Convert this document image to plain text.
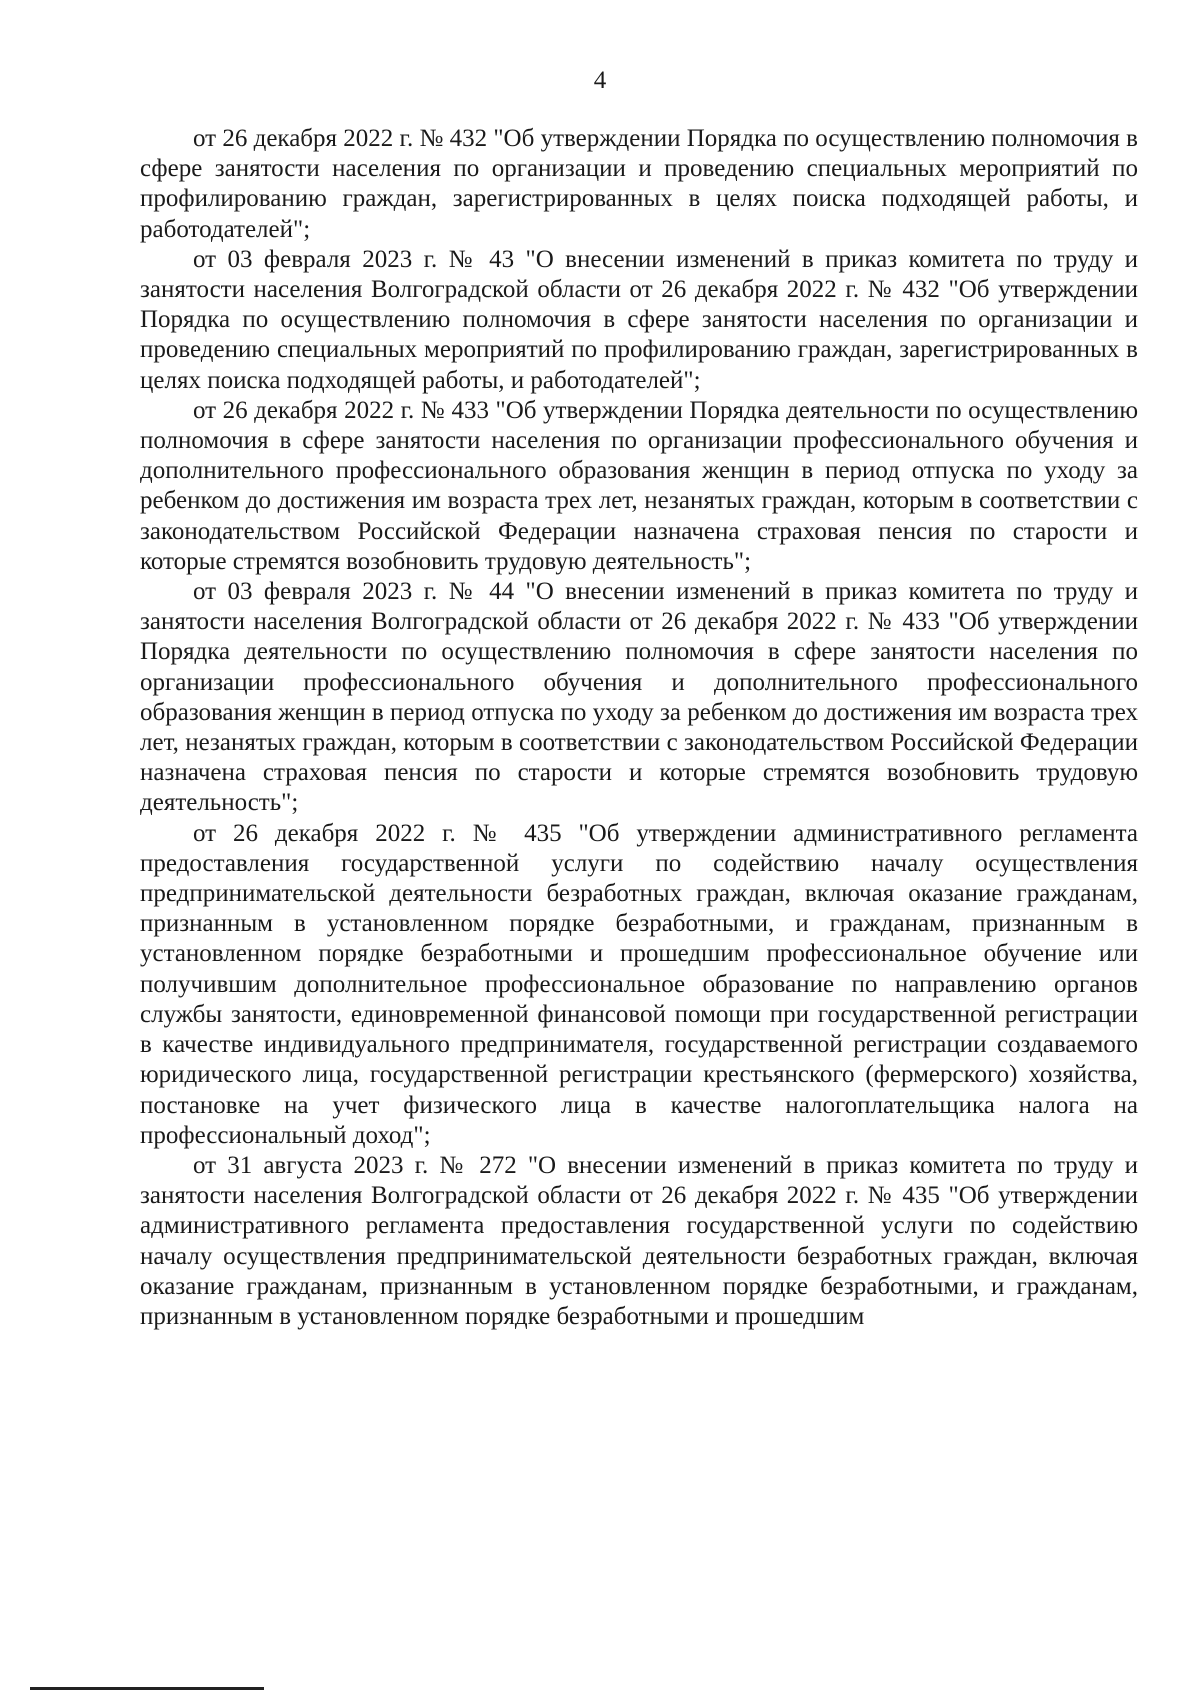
4

от 26 декабря 2022 г. № 432 "Об утверждении Порядка по осуществлению полномочия в сфере занятости населения по организации и проведению специальных мероприятий по профилированию граждан, зарегистрированных в целях поиска подходящей работы, и работодателей";

от 03 февраля 2023 г. № 43 "О внесении изменений в приказ комитета по труду и занятости населения Волгоградской области от 26 декабря 2022 г. № 432 "Об утверждении Порядка по осуществлению полномочия в сфере занятости населения по организации и проведению специальных мероприятий по профилированию граждан, зарегистрированных в целях поиска подходящей работы, и работодателей";

от 26 декабря 2022 г. № 433 "Об утверждении Порядка деятельности по осуществлению полномочия в сфере занятости населения по организации профессионального обучения и дополнительного профессионального образования женщин в период отпуска по уходу за ребенком до достижения им возраста трех лет, незанятых граждан, которым в соответствии с законодательством Российской Федерации назначена страховая пенсия по старости и которые стремятся возобновить трудовую деятельность";

от 03 февраля 2023 г. № 44 "О внесении изменений в приказ комитета по труду и занятости населения Волгоградской области от 26 декабря 2022 г. № 433 "Об утверждении Порядка деятельности по осуществлению полномочия в сфере занятости населения по организации профессионального обучения и дополнительного профессионального образования женщин в период отпуска по уходу за ребенком до достижения им возраста трех лет, незанятых граждан, которым в соответствии с законодательством Российской Федерации назначена страховая пенсия по старости и которые стремятся возобновить трудовую деятельность";

от 26 декабря 2022 г. № 435 "Об утверждении административного регламента предоставления государственной услуги по содействию началу осуществления предпринимательской деятельности безработных граждан, включая оказание гражданам, признанным в установленном порядке безработными, и гражданам, признанным в установленном порядке безработными и прошедшим профессиональное обучение или получившим дополнительное профессиональное образование по направлению органов службы занятости, единовременной финансовой помощи при государственной регистрации в качестве индивидуального предпринимателя, государственной регистрации создаваемого юридического лица, государственной регистрации крестьянского (фермерского) хозяйства, постановке на учет физического лица в качестве налогоплательщика налога на профессиональный доход";

от 31 августа 2023 г. № 272 "О внесении изменений в приказ комитета по труду и занятости населения Волгоградской области от 26 декабря 2022 г. № 435 "Об утверждении административного регламента предоставления государственной услуги по содействию началу осуществления предпринимательской деятельности безработных граждан, включая оказание гражданам, признанным в установленном порядке безработными, и гражданам, признанным в установленном порядке безработными и прошедшим
